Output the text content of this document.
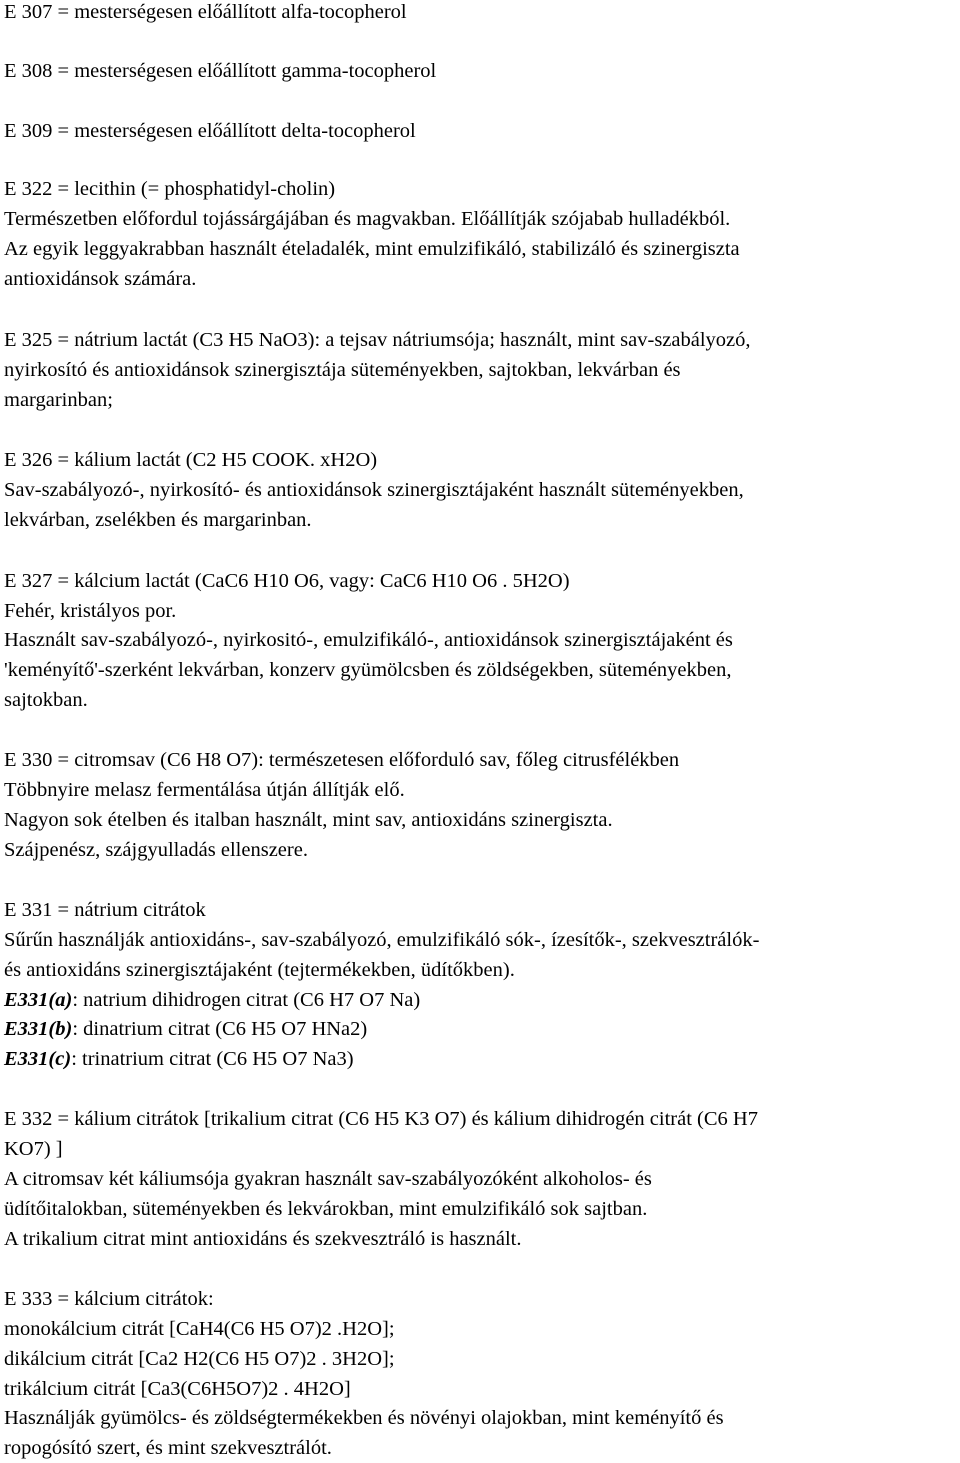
E 307 = mesterségesen előállított alfa-tocopherol
E 308 = mesterségesen előállított gamma-tocopherol
E 309 = mesterségesen előállított delta-tocopherol
E 322 = lecithin (= phosphatidyl-cholin)
Természetben előfordul tojássárgájában és magvakban. Előállítják szójabab hulladékból.
Az egyik leggyakrabban használt ételadalék, mint emulzifikáló, stabilizáló és szinergiszta
antioxidánsok számára.
E 325 = nátrium lactát (C3 H5 NaO3): a tejsav nátriumsója; használt, mint sav-szabályozó,
nyirkosító és antioxidánsok szinergisztája süteményekben, sajtokban, lekvárban és
margarinban;
E 326 = kálium lactát (C2 H5 COOK. xH2O)
Sav-szabályozó-, nyirkosító- és antioxidánsok szinergisztájaként használt süteményekben,
lekvárban, zselékben és margarinban.
E 327 = kálcium lactát (CaC6 H10 O6, vagy: CaC6 H10 O6 . 5H2O)
Fehér, kristályos por.
Használt sav-szabályozó-, nyirkositó-, emulzifikáló-, antioxidánsok szinergisztájaként és
'keményítő'-szerként lekvárban, konzerv gyümölcsben és zöldségekben, süteményekben,
sajtokban.
E 330 = citromsav (C6 H8 O7): természetesen előforduló sav, főleg citrusfélékben
Többnyire melasz fermentálása útján állítják elő.
Nagyon sok ételben és italban használt, mint sav, antioxidáns szinergiszta.
Szájpenész, szájgyulladás ellenszere.
E 331 = nátrium citrátok
Sűrűn használják antioxidáns-, sav-szabályozó, emulzifikáló sók-, ízesítők-, szekvesztrálók-
és antioxidáns szinergisztájaként (tejtermékekben, üdítőkben).
E331(a): natrium dihidrogen citrat (C6 H7 O7 Na)
E331(b): dinatrium citrat (C6 H5 O7 HNa2)
E331(c): trinatrium citrat (C6 H5 O7 Na3)
E 332 = kálium citrátok [trikalium citrat (C6 H5 K3 O7) és kálium dihidrogén citrát (C6 H7
KO7) ]
A citromsav két káliumsója gyakran használt sav-szabályozóként alkoholos- és
üdítőitalokban, süteményekben és lekvárokban, mint emulzifikáló sok sajtban.
A trikalium citrat mint antioxidáns és szekvesztráló is használt.
E 333 = kálcium citrátok:
monokálcium citrát [CaH4(C6 H5 O7)2 .H2O];
dikálcium citrát [Ca2 H2(C6 H5 O7)2 . 3H2O];
trikálcium citrát [Ca3(C6H5O7)2 . 4H2O]
Használják gyümölcs- és zöldségtermékekben és növényi olajokban, mint keményítő és
ropogósító szert, és mint szekvesztrálót.
